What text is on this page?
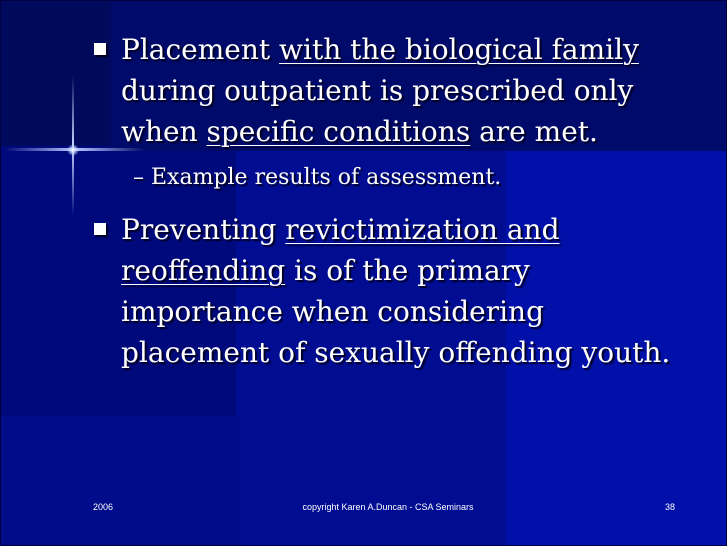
Placement with the biological family during outpatient is prescribed only when specific conditions are met.
– Example results of assessment.
Preventing revictimization and reoffending is of the primary importance when considering placement of sexually offending youth.
2006	copyright Karen A.Duncan - CSA Seminars	38
